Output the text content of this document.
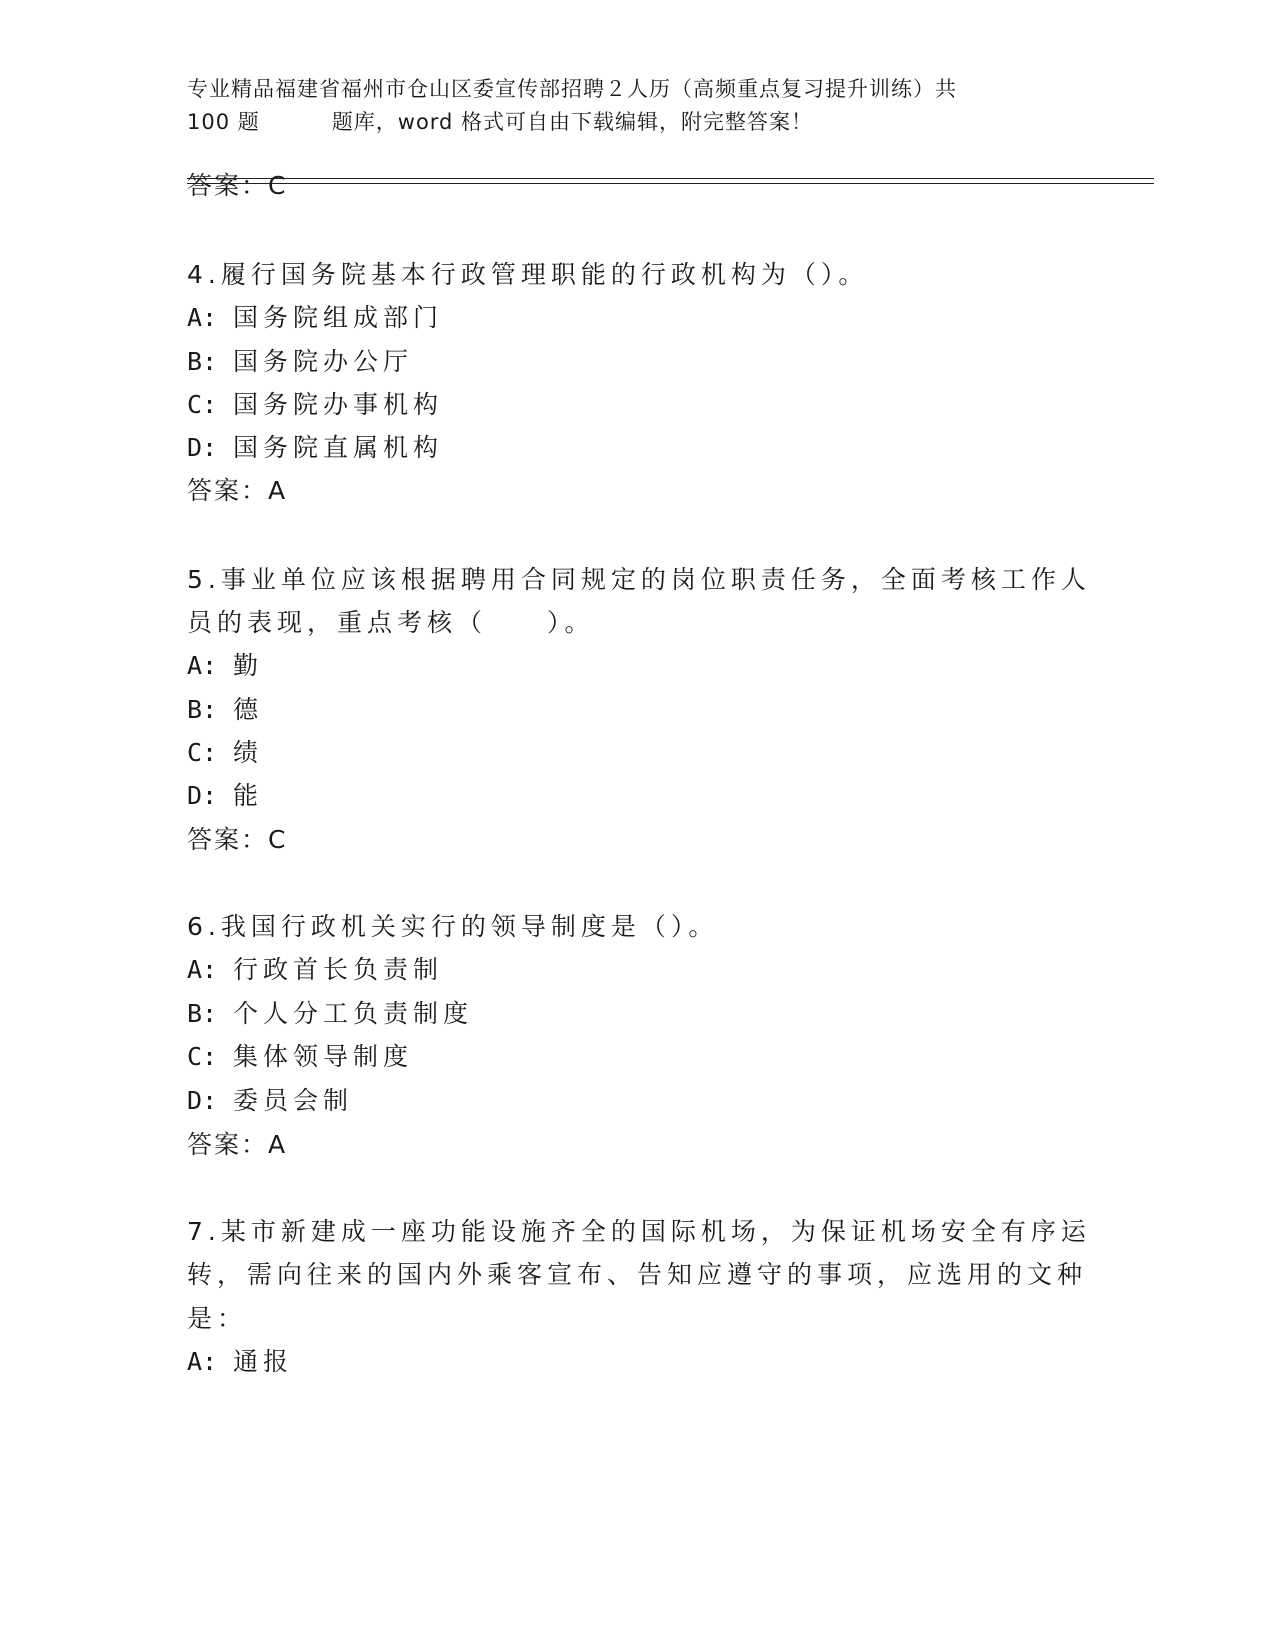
专业精品福建省福州市仓山区委宣传部招聘２人历（高频重点复习提升训练）共
100 题	题库，word 格式可自由下载编辑，附完整答案！
答案：C
4.履行国务院基本行政管理职能的行政机构为（）。
A: 国务院组成部门
B: 国务院办公厅
C: 国务院办事机构
D: 国务院直属机构
答案：A
5.事业单位应该根据聘用合同规定的岗位职责任务，全面考核工作人
员的表现，重点考核（　　）。
A: 勤
B: 德
C: 绩
D: 能
答案：C
6.我国行政机关实行的领导制度是（）。
A: 行政首长负责制
B: 个人分工负责制度
C: 集体领导制度
D: 委员会制
答案：A
7.某市新建成一座功能设施齐全的国际机场，为保证机场安全有序运
转，需向往来的国内外乘客宣布、告知应遵守的事项，应选用的文种
是：
A: 通报
